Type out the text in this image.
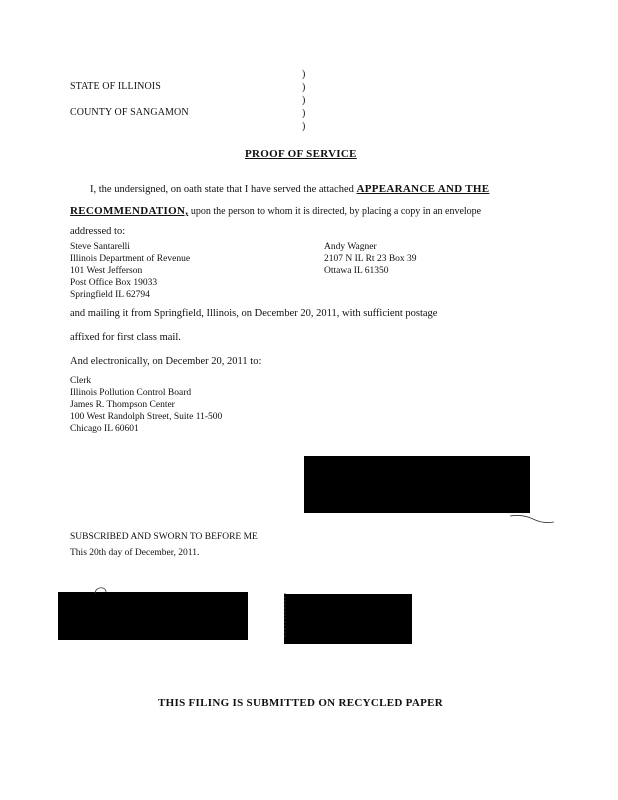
STATE OF ILLINOIS
COUNTY OF SANGAMON
)
)
)
)
)
PROOF OF SERVICE
I, the undersigned, on oath state that I have served the attached APPEARANCE AND THE
RECOMMENDATION, upon the person to whom it is directed, by placing a copy in an envelope
addressed to:
Steve Santarelli
Illinois Department of Revenue
101 West Jefferson
Post Office Box 19033
Springfield IL 62794
Andy Wagner
2107 N IL Rt 23 Box 39
Ottawa IL 61350
and mailing it from Springfield, Illinois, on December 20, 2011, with sufficient postage
affixed for first class mail.
And electronically, on December 20, 2011 to:
Clerk
Illinois Pollution Control Board
James R. Thompson Center
100 West Randolph Street, Suite 11-500
Chicago IL 60601
SUBSCRIBED AND SWORN TO BEFORE ME
This 20th day of December, 2011.
THIS FILING IS SUBMITTED ON RECYCLED PAPER
